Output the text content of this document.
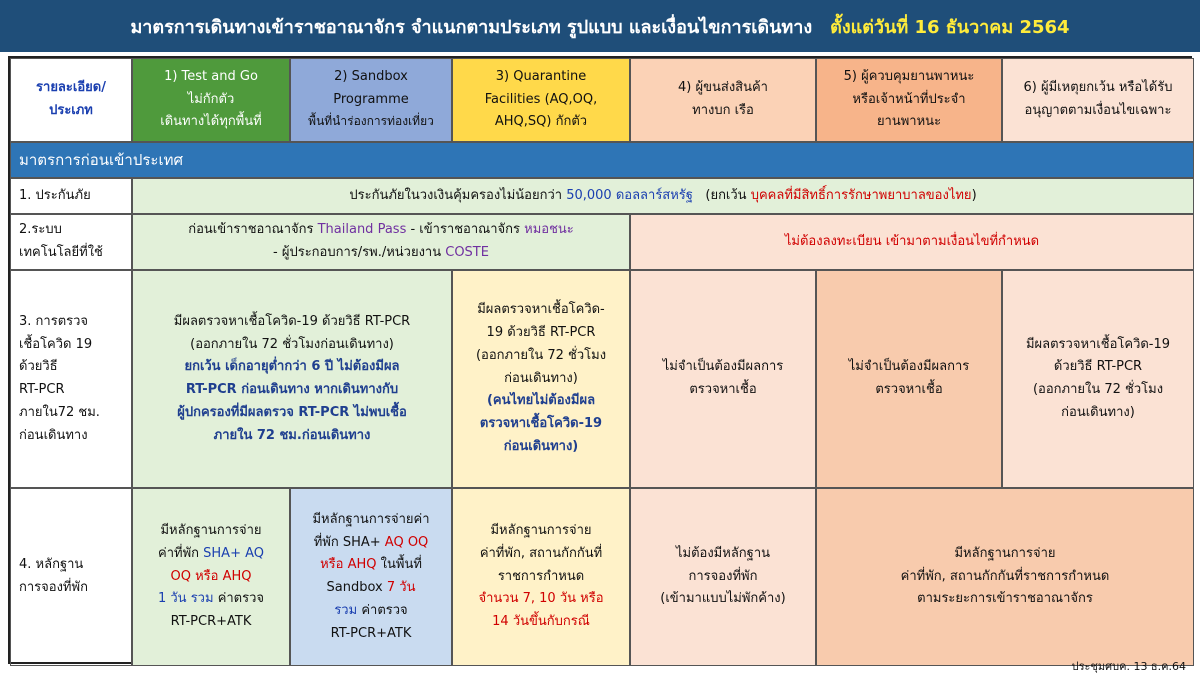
มาตรการเดินทางเข้าราชอาณาจักร จำแนกตามประเภท รูปแบบ และเงื่อนไขการเดินทาง ตั้งแต่วันที่ 16 ธันวาคม 2564
รายละเอียด/
ประเภท
1) Test and Go
ไม่กักตัว
เดินทางได้ทุกพื้นที่
2) Sandbox
Programme
พื้นที่นำร่องการท่องเที่ยว
3) Quarantine
Facilities (AQ,OQ,
AHQ,SQ) กักตัว
4) ผู้ขนส่งสินค้า
ทางบก เรือ
5) ผู้ควบคุมยานพาหนะ
หรือเจ้าหน้าที่ประจำ
ยานพาหนะ
6) ผู้มีเหตุยกเว้น หรือได้รับ
อนุญาตตามเงื่อนไขเฉพาะ
มาตรการก่อนเข้าประเทศ
1. ประกันภัย	ประกันภัยในวงเงินคุ้มครองไม่น้อยกว่า 50,000 ดอลลาร์สหรัฐ (ยกเว้น บุคคลที่มีสิทธิ์การรักษาพยาบาลของไทย)
2.ระบบ
เทคโนโลยีที่ใช้
ก่อนเข้าราชอาณาจักร Thailand Pass - เข้าราชอาณาจักร หมอชนะ
- ผู้ประกอบการ/รพ./หน่วยงาน COSTE
ไม่ต้องลงทะเบียน เข้ามาตามเงื่อนไขที่กำหนด
3. การตรวจ
เชื้อโควิด 19
ด้วยวิธี
RT-PCR
ภายใน72 ชม.
ก่อนเดินทาง
มีผลตรวจหาเชื้อโควิด-19 ด้วยวิธี RT-PCR
(ออกภายใน 72 ชั่วโมงก่อนเดินทาง)
ยกเว้น เด็กอายุต่ำกว่า 6 ปี ไม่ต้องมีผล
RT-PCR ก่อนเดินทาง หากเดินทางกับ
ผู้ปกครองที่มีผลตรวจ RT-PCR ไม่พบเชื้อ
ภายใน 72 ชม.ก่อนเดินทาง
มีผลตรวจหาเชื้อโควิด-
19 ด้วยวิธี RT-PCR
(ออกภายใน 72 ชั่วโมง
ก่อนเดินทาง)
(คนไทยไม่ต้องมีผล
ตรวจหาเชื้อโควิด-19
ก่อนเดินทาง)
ไม่จำเป็นต้องมีผลการ
ตรวจหาเชื้อ
ไม่จำเป็นต้องมีผลการ
ตรวจหาเชื้อ
มีผลตรวจหาเชื้อโควิด-19
ด้วยวิธี RT-PCR
(ออกภายใน 72 ชั่วโมง
ก่อนเดินทาง)
4. หลักฐาน
การจองที่พัก
มีหลักฐานการจ่าย
ค่าที่พัก SHA+ AQ
OQ หรือ AHQ
1 วัน รวม ค่าตรวจ
RT-PCR+ATK
มีหลักฐานการจ่ายค่า
ที่พัก SHA+ AQ OQ
หรือ AHQ ในพื้นที่
Sandbox 7 วัน
รวม ค่าตรวจ
RT-PCR+ATK
มีหลักฐานการจ่าย
ค่าที่พัก, สถานกักกันที่
ราชการกำหนด
จำนวน 7, 10 วัน หรือ
14 วันขึ้นกับกรณี
ไม่ต้องมีหลักฐาน
การจองที่พัก
(เข้ามาแบบไม่พักค้าง)
มีหลักฐานการจ่าย
ค่าที่พัก, สถานกักกันที่ราชการกำหนด
ตามระยะการเข้าราชอาณาจักร
ประชุมศบค. 13 ธ.ค.64
